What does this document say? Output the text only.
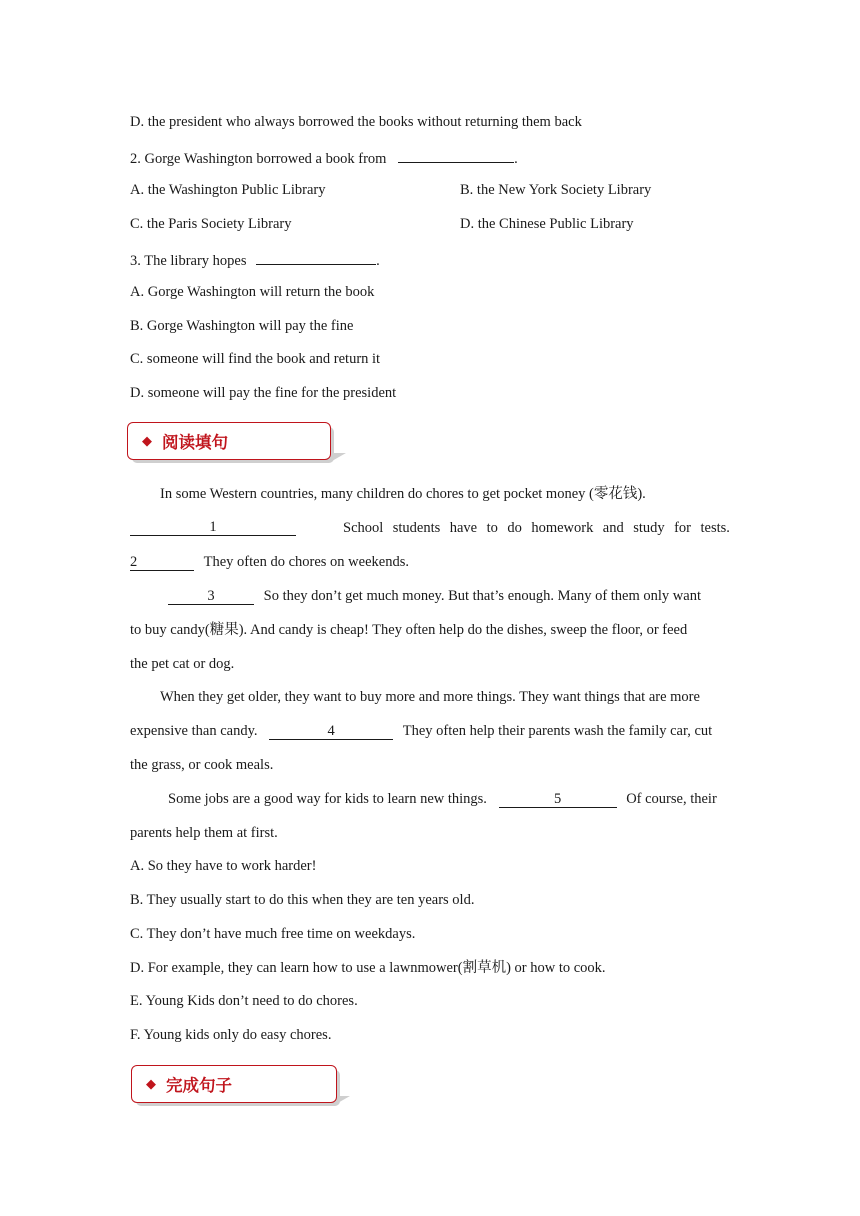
D. the president who always borrowed the books without returning them back
2. Gorge Washington borrowed a book from	.
A. the Washington Public Library	B. the New York Society Library
C. the Paris Society Library	D. the Chinese Public Library
3. The library hopes	.
A. Gorge Washington will return the book
B. Gorge Washington will pay the fine
C. someone will find the book and return it
D. someone will pay the fine for the president
◆ 阅读填句
In some Western countries, many children do chores to get pocket money (零花钱).
1	School students have to do homework and study for tests.
2	They often do chores on weekends.
3	So they don’t get much money. But that’s enough. Many of them only want
to buy candy(糖果). And candy is cheap! They often help do the dishes, sweep the floor, or feed
the pet cat or dog.
When they get older, they want to buy more and more things. They want things that are more
expensive than candy.	4	They often help their parents wash the family car, cut
the grass, or cook meals.
Some jobs are a good way for kids to learn new things.	5	Of course, their
parents help them at first.
A. So they have to work harder!
B. They usually start to do this when they are ten years old.
C. They don’t have much free time on weekdays.
D. For example, they can learn how to use a lawnmower(割草机) or how to cook.
E. Young Kids don’t need to do chores.
F. Young kids only do easy chores.
◆ 完成句子
